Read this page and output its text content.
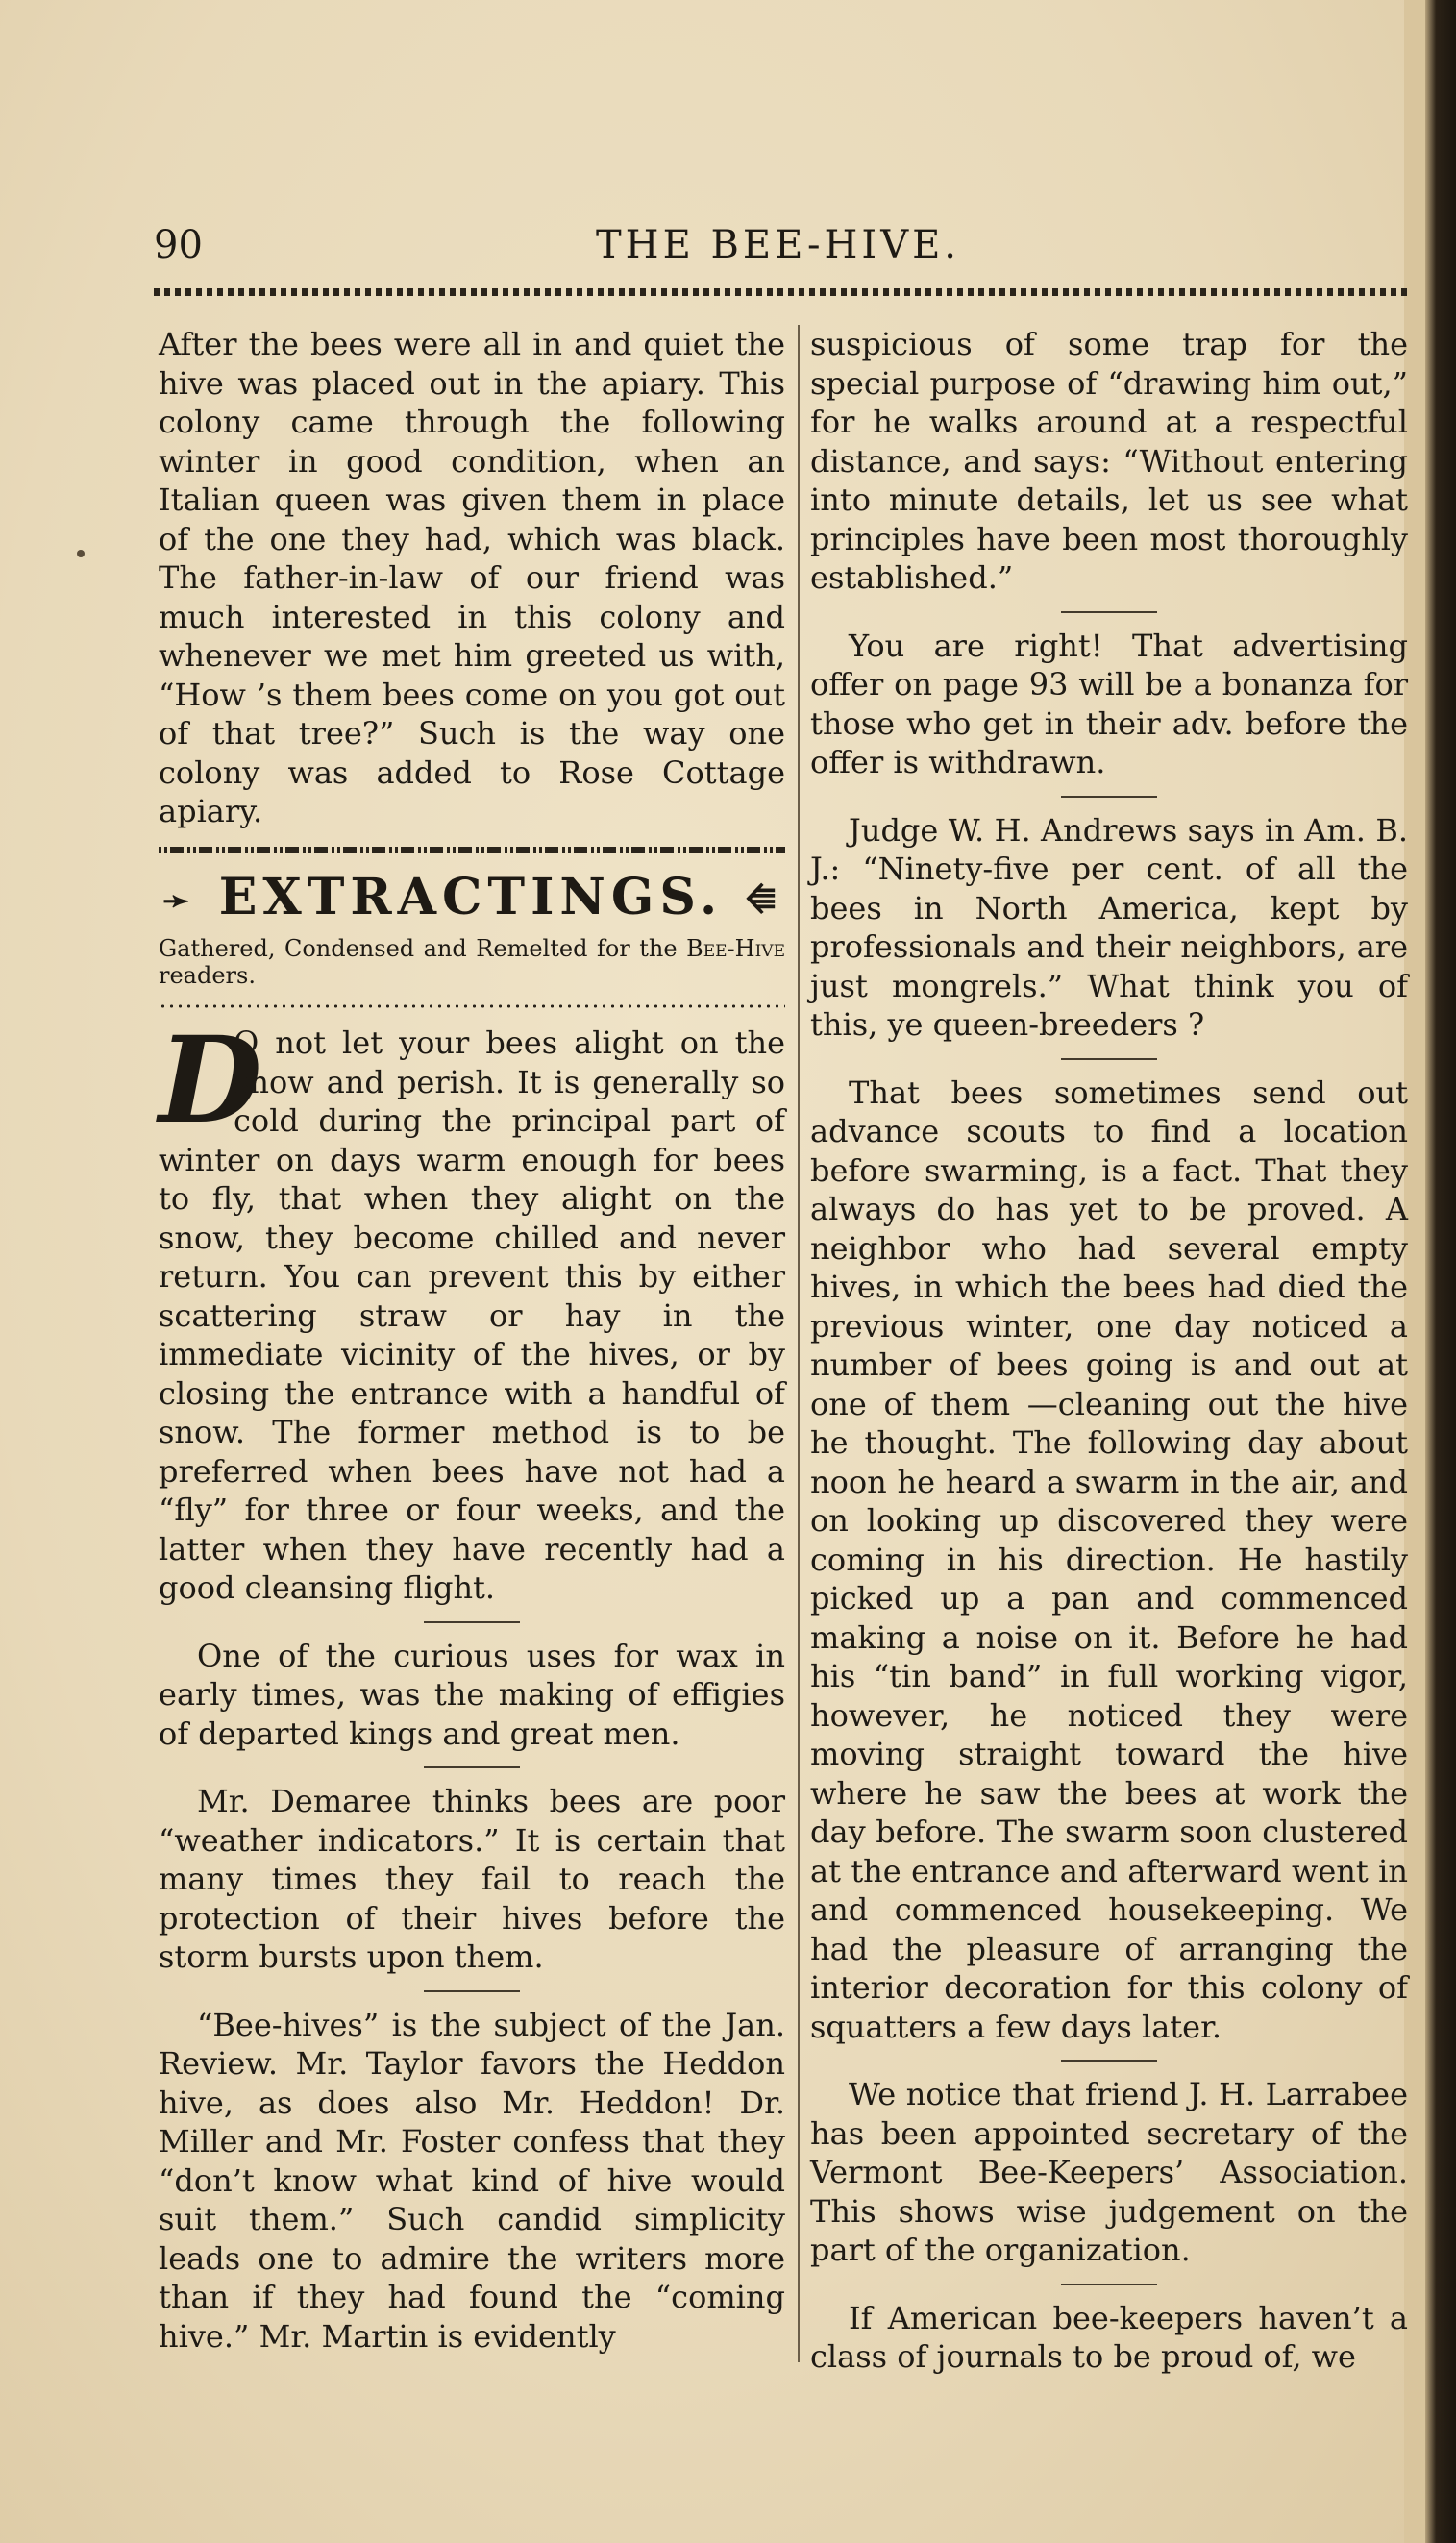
90	THE BEE-HIVE.

After the bees were all in and quiet the hive was placed out in the apiary. This colony came through the following winter in good condition, when an Italian queen was given them in place of the one they had, which was black. The father-in-law of our friend was much interested in this colony and whenever we met him greeted us with, “How ’s them bees come on you got out of that tree?” Such is the way one colony was added to Rose Cottage apiary.

➛ EXTRACTINGS. ⭅
Gathered, Condensed and Remelted for the Bee-Hive readers.

D
O not let your bees alight on the snow and perish. It is generally so cold during the principal part of winter on days warm enough for bees to fly, that when they alight on the snow, they become chilled and never return. You can prevent this by either scattering straw or hay in the immediate vicinity of the hives, or by closing the entrance with a handful of snow. The former method is to be preferred when bees have not had a “fly” for three or four weeks, and the latter when they have recently had a good cleansing flight.

One of the curious uses for wax in early times, was the making of effigies of departed kings and great men.

Mr. Demaree thinks bees are poor “weather indicators.” It is certain that many times they fail to reach the protection of their hives before the storm bursts upon them.

“Bee-hives” is the subject of the Jan. Review. Mr. Taylor favors the Heddon hive, as does also Mr. Heddon! Dr. Miller and Mr. Foster confess that they “don’t know what kind of hive would suit them.” Such candid simplicity leads one to admire the writers more than if they had found the “coming hive.” Mr. Martin is evidently

suspicious of some trap for the special purpose of “drawing him out,” for he walks around at a respectful distance, and says: “Without entering into minute details, let us see what principles have been most thoroughly established.”

You are right! That advertising offer on page 93 will be a bonanza for those who get in their adv. before the offer is withdrawn.

Judge W. H. Andrews says in Am. B. J.: “Ninety-five per cent. of all the bees in North America, kept by professionals and their neighbors, are just mongrels.” What think you of this, ye queen-breeders ?

That bees sometimes send out advance scouts to find a location before swarming, is a fact. That they always do has yet to be proved. A neighbor who had several empty hives, in which the bees had died the previous winter, one day noticed a number of bees going is and out at one of them —cleaning out the hive he thought. The following day about noon he heard a swarm in the air, and on looking up discovered they were coming in his direction. He hastily picked up a pan and commenced making a noise on it. Before he had his “tin band” in full working vigor, however, he noticed they were moving straight toward the hive where he saw the bees at work the day before. The swarm soon clustered at the entrance and afterward went in and commenced housekeeping. We had the pleasure of arranging the interior decoration for this colony of squatters a few days later.

We notice that friend J. H. Larrabee has been appointed secretary of the Vermont Bee-Keepers’ Association. This shows wise judgement on the part of the organization.

If American bee-keepers haven’t a class of journals to be proud of, we
